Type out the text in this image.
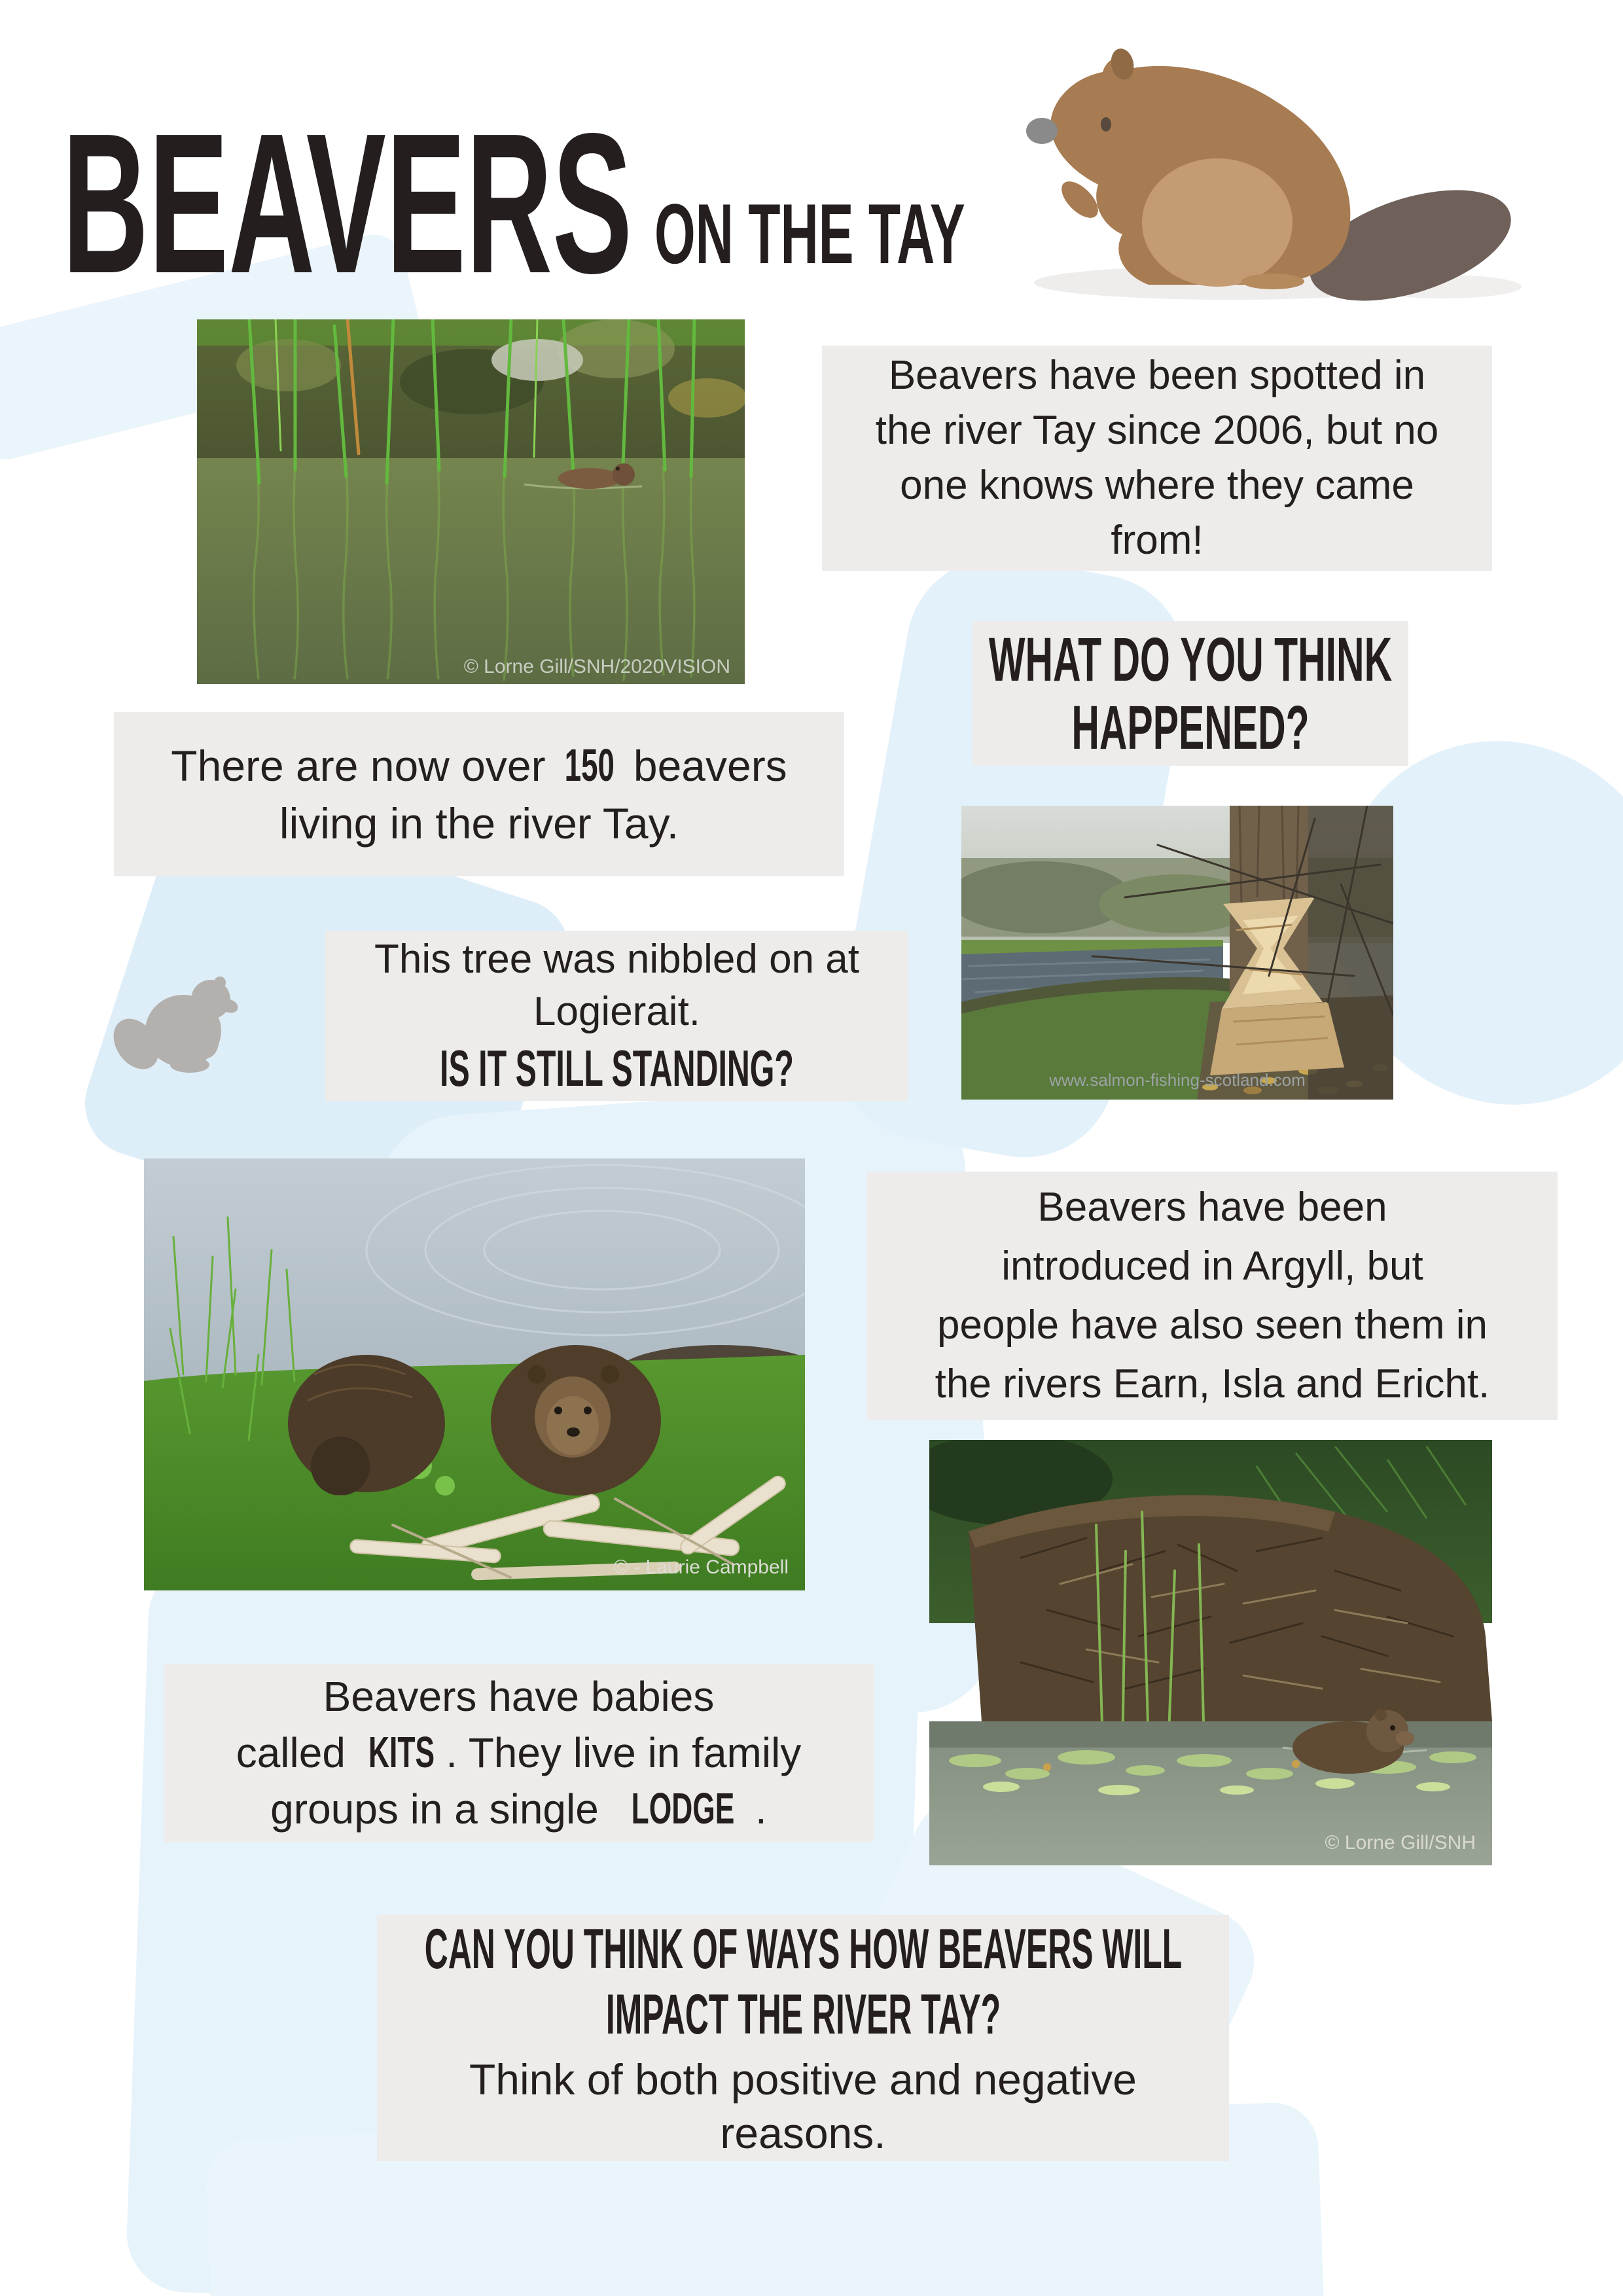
BEAVERS ON THE TAY
© Lorne Gill/SNH/2020VISION
Beavers have been spotted in
the river Tay since 2006, but no
one knows where they came
from!
WHAT DO YOU THINK
HAPPENED?
There are now over 150 beavers
living in the river Tay.
This tree was nibbled on at
Logierait.
IS IT STILL STANDING?	www.salmon-fishing-scotland.com
© - Laurie Campbell
Beavers have been
introduced in Argyll, but
people have also seen them in
the rivers Earn, Isla and Ericht.
© Lorne Gill/SNH
Beavers have babies
called KITS . They live in family
groups in a single LODGE .
CAN YOU THINK OF WAYS HOW BEAVERS WILL
IMPACT THE RIVER TAY?
Think of both positive and negative
reasons.
